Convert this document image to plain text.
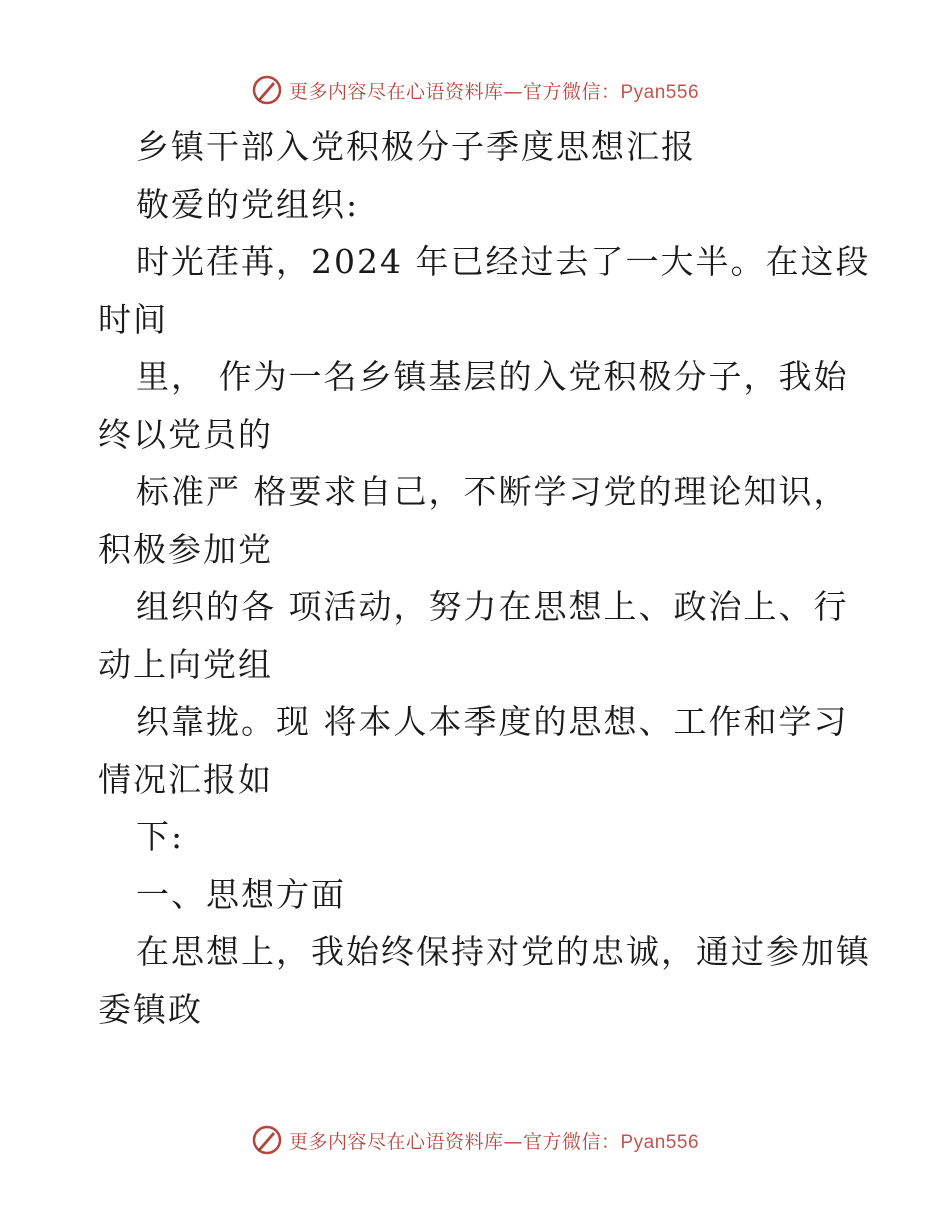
更多内容尽在心语资料库—官方微信：Pyan556
乡镇干部入党积极分子季度思想汇报
敬爱的党组织:
时光荏苒，2024 年已经过去了一大半。在这段
时间
里， 作为一名乡镇基层的入党积极分子，我始
终以党员的
标准严 格要求自己，不断学习党的理论知识，
积极参加党
组织的各 项活动，努力在思想上、政治上、行
动上向党组
织靠拢。现 将本人本季度的思想、工作和学习
情况汇报如
下:
一、思想方面
在思想上，我始终保持对党的忠诚，通过参加镇
委镇政
更多内容尽在心语资料库—官方微信：Pyan556
